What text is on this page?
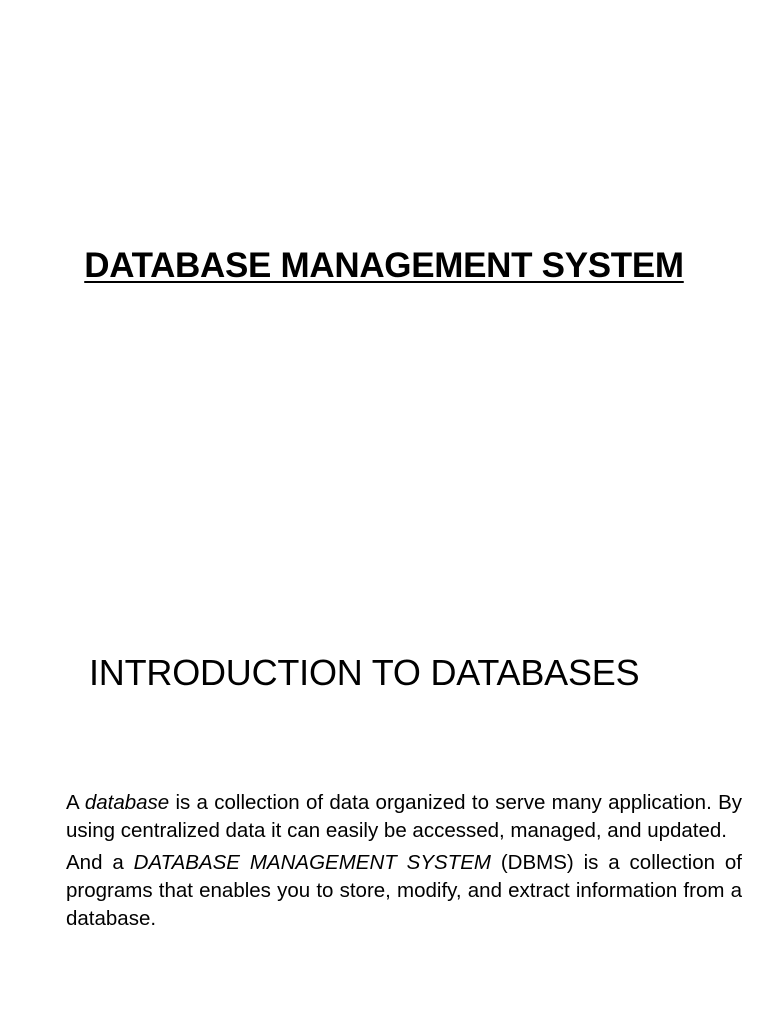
DATABASE MANAGEMENT SYSTEM
INTRODUCTION TO DATABASES

A database is a collection of data organized to serve many application. By using centralized data it can easily be accessed, managed, and updated.

And a DATABASE MANAGEMENT SYSTEM (DBMS) is a collection of programs that enables you to store, modify, and extract information from a database.
